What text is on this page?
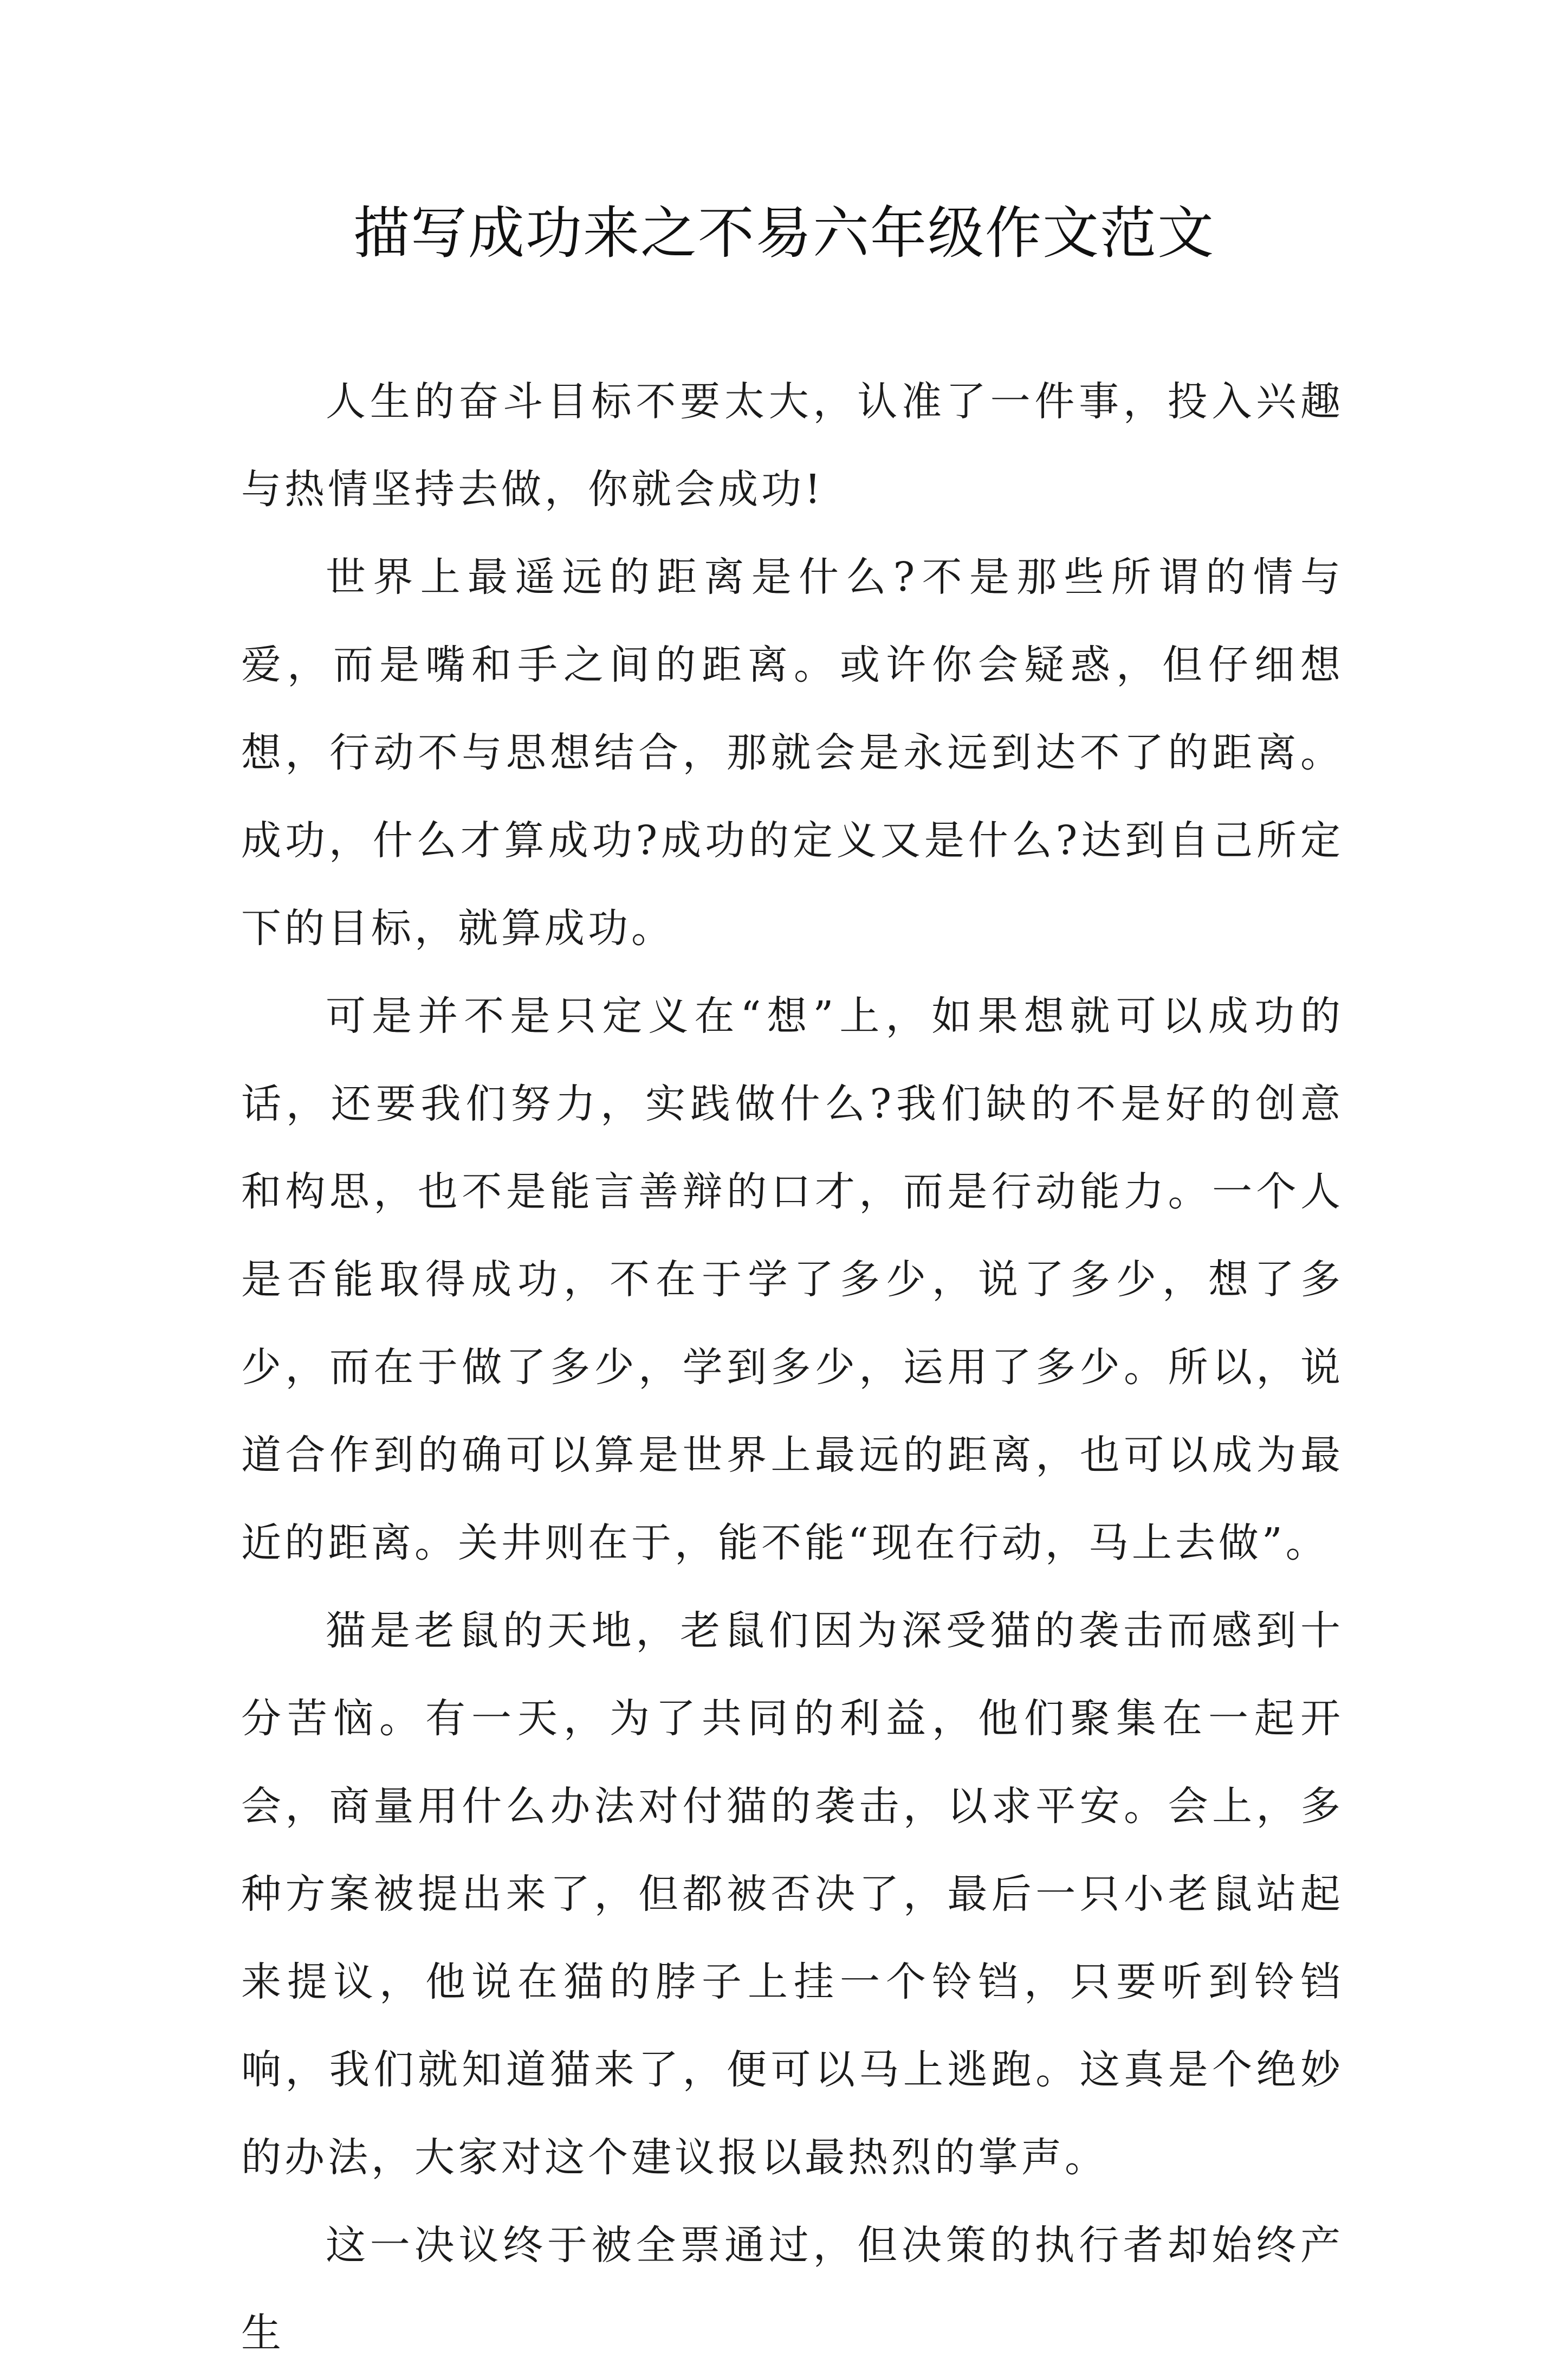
描写成功来之不易六年级作文范文

人生的奋斗目标不要太大，认准了一件事，投入兴趣与热情坚持去做，你就会成功!

世界上最遥远的距离是什么?不是那些所谓的情与爱，而是嘴和手之间的距离。或许你会疑惑，但仔细想想，行动不与思想结合，那就会是永远到达不了的距离。成功，什么才算成功?成功的定义又是什么?达到自己所定下的目标，就算成功。

可是并不是只定义在“想”上，如果想就可以成功的话，还要我们努力，实践做什么?我们缺的不是好的创意和构思，也不是能言善辩的口才，而是行动能力。一个人是否能取得成功，不在于学了多少，说了多少，想了多少，而在于做了多少，学到多少，运用了多少。所以，说道合作到的确可以算是世界上最远的距离，也可以成为最近的距离。关井则在于，能不能“现在行动，马上去做”。

猫是老鼠的天地，老鼠们因为深受猫的袭击而感到十分苦恼。有一天，为了共同的利益，他们聚集在一起开会，商量用什么办法对付猫的袭击，以求平安。会上，多种方案被提出来了，但都被否决了，最后一只小老鼠站起来提议，他说在猫的脖子上挂一个铃铛，只要听到铃铛响，我们就知道猫来了，便可以马上逃跑。这真是个绝妙的办法，大家对这个建议报以最热烈的掌声。

这一决议终于被全票通过，但决策的执行者却始终产生
